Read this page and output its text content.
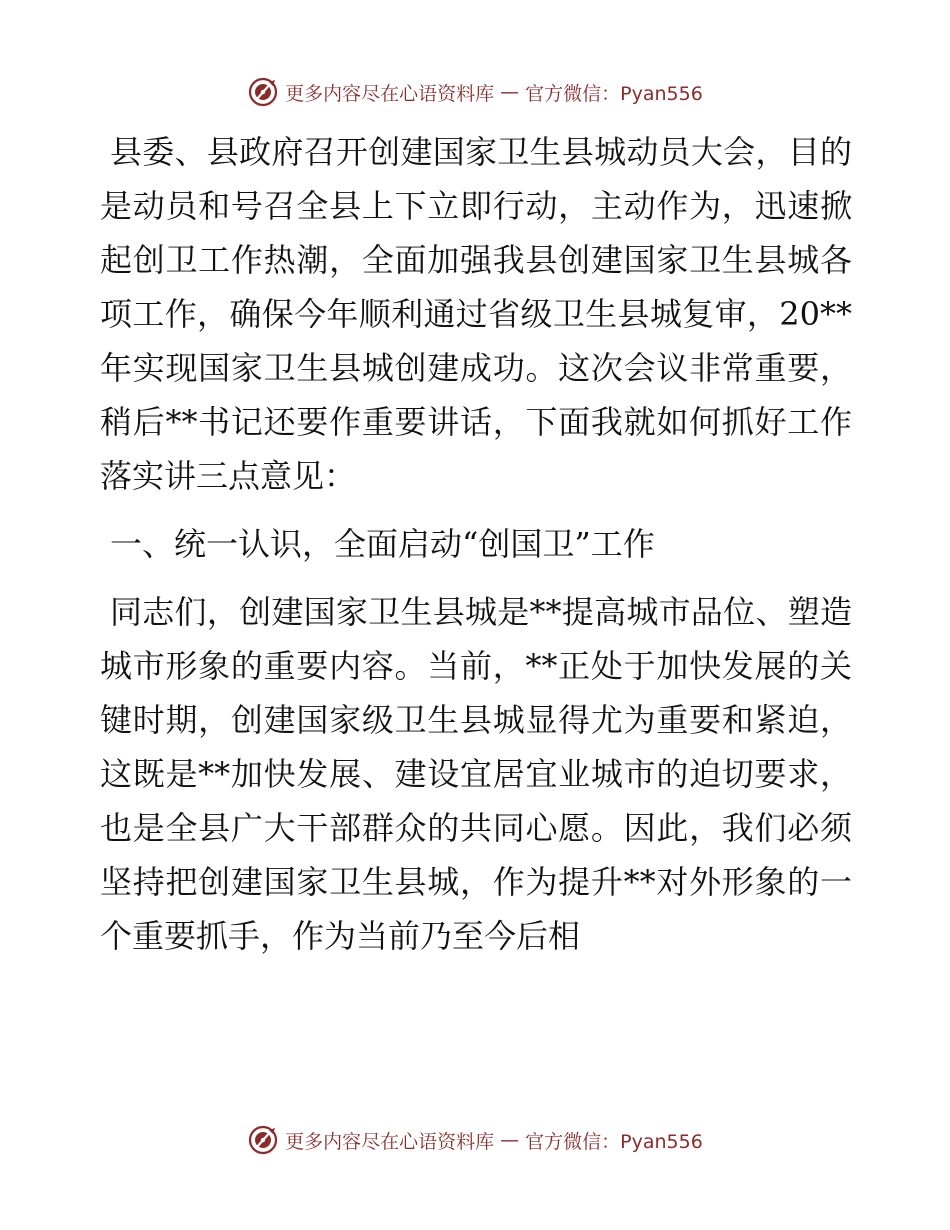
更多内容尽在心语资料库 — 官方微信：Pyan556

县委、县政府召开创建国家卫生县城动员大会，目的是动员和号召全县上下立即行动，主动作为，迅速掀起创卫工作热潮，全面加强我县创建国家卫生县城各项工作，确保今年顺利通过省级卫生县城复审，20**年实现国家卫生县城创建成功。这次会议非常重要，稍后**书记还要作重要讲话，下面我就如何抓好工作落实讲三点意见：

一、统一认识，全面启动“创国卫”工作

同志们，创建国家卫生县城是**提高城市品位、塑造城市形象的重要内容。当前，**正处于加快发展的关键时期，创建国家级卫生县城显得尤为重要和紧迫，这既是**加快发展、建设宜居宜业城市的迫切要求，也是全县广大干部群众的共同心愿。因此，我们必须坚持把创建国家卫生县城，作为提升**对外形象的一个重要抓手，作为当前乃至今后相

更多内容尽在心语资料库 — 官方微信：Pyan556
